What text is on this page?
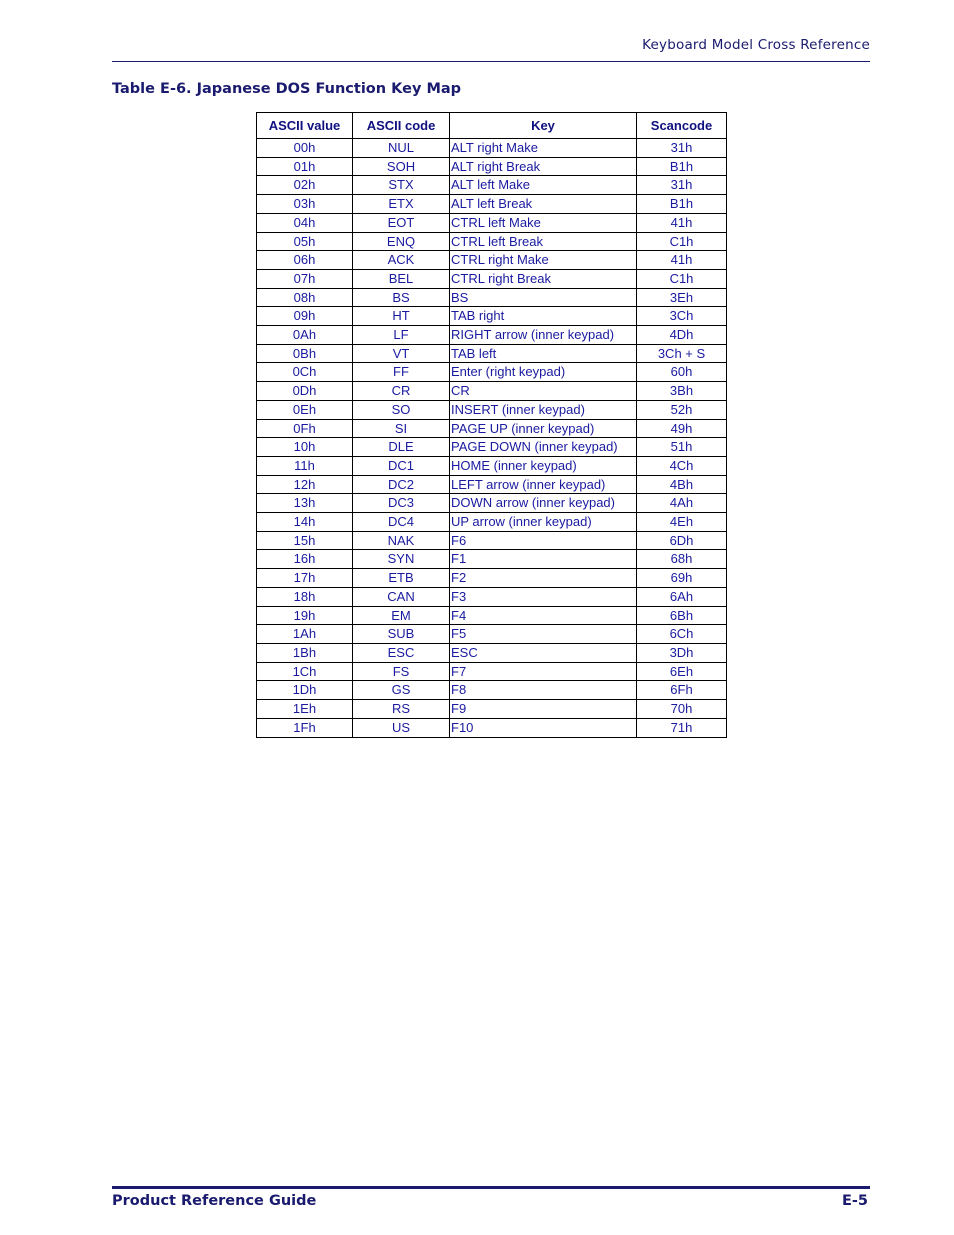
Keyboard Model Cross Reference
Table E-6. Japanese DOS Function Key Map
ASCII value	ASCII code	Key	Scancode
00h	NUL	ALT right Make	31h
01h	SOH	ALT right Break	B1h
02h	STX	ALT left Make	31h
03h	ETX	ALT left Break	B1h
04h	EOT	CTRL left Make	41h
05h	ENQ	CTRL left Break	C1h
06h	ACK	CTRL right Make	41h
07h	BEL	CTRL right Break	C1h
08h	BS	BS	3Eh
09h	HT	TAB right	3Ch
0Ah	LF	RIGHT arrow (inner keypad)	4Dh
0Bh	VT	TAB left	3Ch + S
0Ch	FF	Enter (right keypad)	60h
0Dh	CR	CR	3Bh
0Eh	SO	INSERT (inner keypad)	52h
0Fh	SI	PAGE UP (inner keypad)	49h
10h	DLE	PAGE DOWN (inner keypad)	51h
11h	DC1	HOME (inner keypad)	4Ch
12h	DC2	LEFT arrow (inner keypad)	4Bh
13h	DC3	DOWN arrow (inner keypad)	4Ah
14h	DC4	UP arrow (inner keypad)	4Eh
15h	NAK	F6	6Dh
16h	SYN	F1	68h
17h	ETB	F2	69h
18h	CAN	F3	6Ah
19h	EM	F4	6Bh
1Ah	SUB	F5	6Ch
1Bh	ESC	ESC	3Dh
1Ch	FS	F7	6Eh
1Dh	GS	F8	6Fh
1Eh	RS	F9	70h
1Fh	US	F10	71h
Product Reference Guide	E-5
